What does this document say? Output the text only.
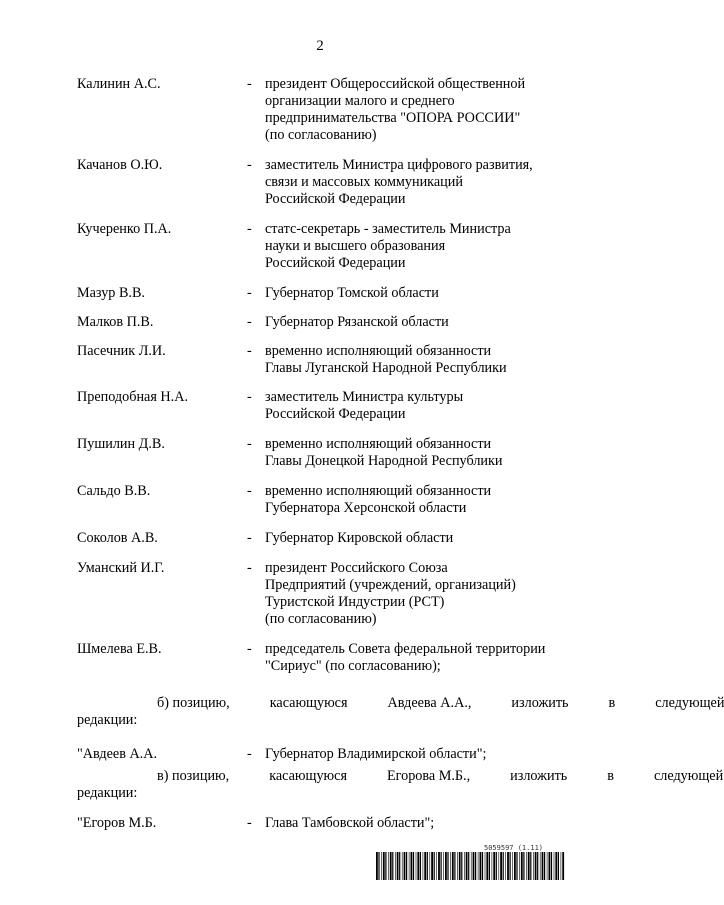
2
Калинин А.С.	- президент Общероссийской общественной
организации малого и среднего
предпринимательства "ОПОРА РОССИИ"
(по согласованию)
Качанов О.Ю.	- заместитель Министра цифрового развития,
связи и массовых коммуникаций
Российской Федерации
Кучеренко П.А.	- статс-секретарь - заместитель Министра
науки и высшего образования
Российской Федерации
Мазур В.В.	- Губернатор Томской области
Малков П.В.	- Губернатор Рязанской области
Пасечник Л.И.	- временно исполняющий обязанности
Главы Луганской Народной Республики
Преподобная Н.А.	- заместитель Министра культуры
Российской Федерации
Пушилин Д.В.	- временно исполняющий обязанности
Главы Донецкой Народной Республики
Сальдо В.В.	- временно исполняющий обязанности
Губернатора Херсонской области
Соколов А.В.	- Губернатор Кировской области
Уманский И.Г.	- президент Российского Союза
Предприятий (учреждений, организаций)
Туристской Индустрии (РСТ)
(по согласованию)
Шмелева Е.В.	- председатель Совета федеральной территории
"Сириус" (по согласованию);
б) позицию,	касающуюся	Авдеева А.А.,	изложить	в	следующей
редакции:
"Авдеев А.А.	- Губернатор Владимирской области";
в) позицию,	касающуюся	Егорова М.Б.,	изложить	в	следующей
редакции:
"Егоров М.Б.	- Глава Тамбовской области";
5059597 (1.11)
